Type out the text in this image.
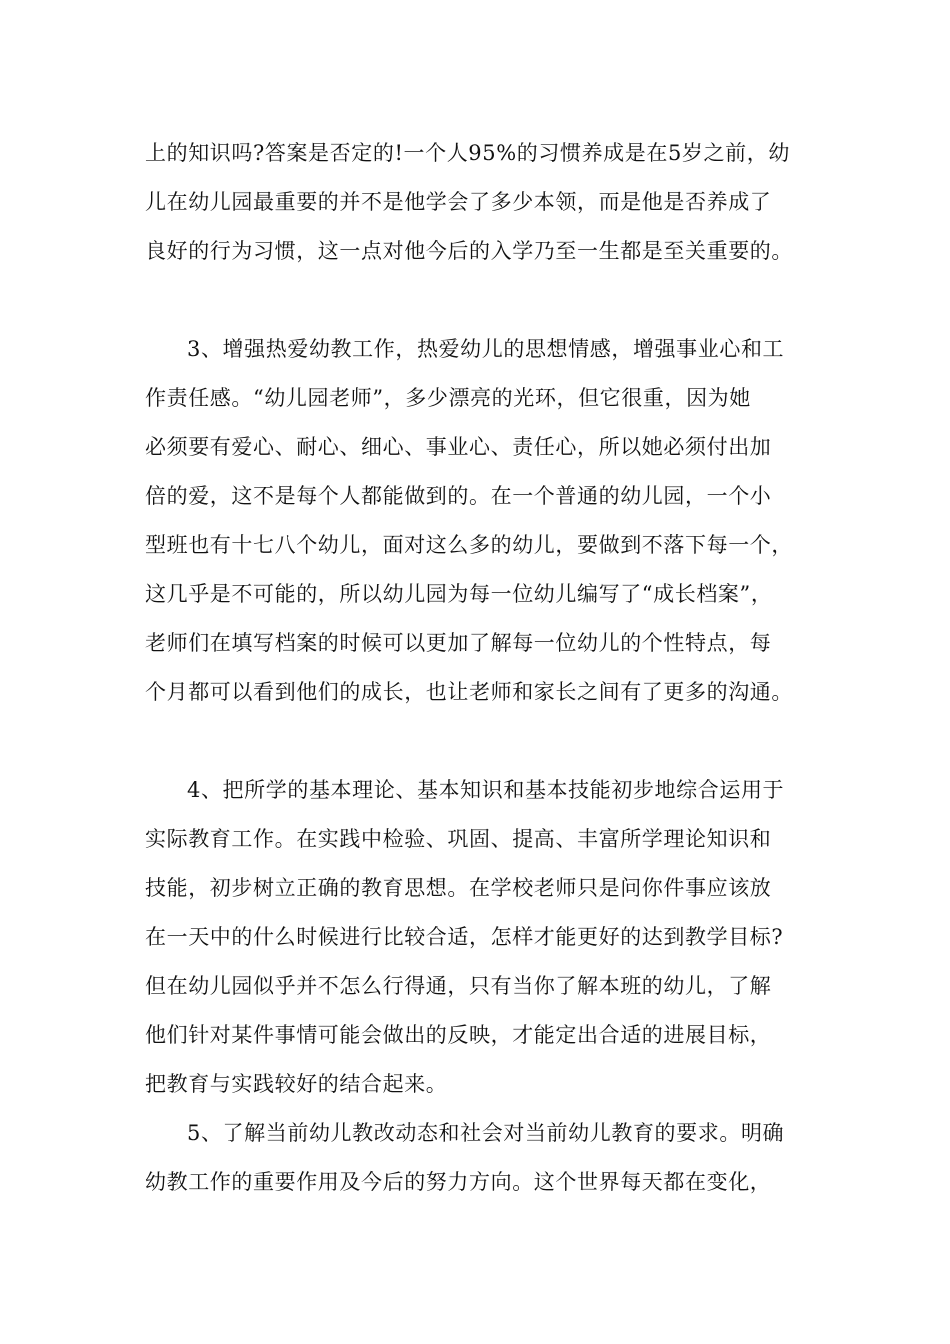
上的知识吗?答案是否定的!一个人95%的习惯养成是在5岁之前，幼
儿在幼儿园最重要的并不是他学会了多少本领，而是他是否养成了
良好的行为习惯，这一点对他今后的入学乃至一生都是至关重要的。
3、增强热爱幼教工作，热爱幼儿的思想情感，增强事业心和工
作责任感。“幼儿园老师”，多少漂亮的光环，但它很重，因为她
必须要有爱心、耐心、细心、事业心、责任心，所以她必须付出加
倍的爱，这不是每个人都能做到的。在一个普通的幼儿园，一个小
型班也有十七八个幼儿，面对这么多的幼儿，要做到不落下每一个，
这几乎是不可能的，所以幼儿园为每一位幼儿编写了“成长档案”，
老师们在填写档案的时候可以更加了解每一位幼儿的个性特点，每
个月都可以看到他们的成长，也让老师和家长之间有了更多的沟通。
4、把所学的基本理论、基本知识和基本技能初步地综合运用于
实际教育工作。在实践中检验、巩固、提高、丰富所学理论知识和
技能，初步树立正确的教育思想。在学校老师只是问你件事应该放
在一天中的什么时候进行比较合适，怎样才能更好的达到教学目标?
但在幼儿园似乎并不怎么行得通，只有当你了解本班的幼儿，了解
他们针对某件事情可能会做出的反映，才能定出合适的进展目标，
把教育与实践较好的结合起来。
5、了解当前幼儿教改动态和社会对当前幼儿教育的要求。明确
幼教工作的重要作用及今后的努力方向。这个世界每天都在变化，
